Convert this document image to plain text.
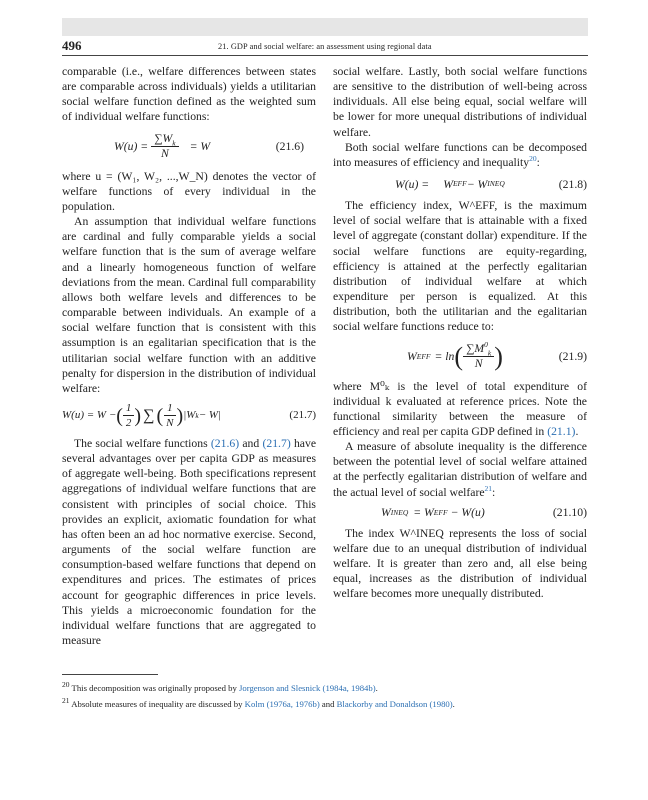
496	21. GDP and social welfare: an assessment using regional data

comparable (i.e., welfare differences between states are comparable across individuals) yields a utilitarian social welfare function defined as the weighted sum of individual welfare functions:

$W(u) = \frac{\sum W_k}{N} = W$	(21.6)

where u = (W₁, W₂, ...,W_N) denotes the vector of welfare functions of every individual in the population.

An assumption that individual welfare functions are cardinal and fully comparable yields a social welfare function that is the sum of average welfare and a linearly homogeneous function of welfare deviations from the mean. Cardinal full comparability allows both welfare levels and differences to be comparable between individuals. An example of a social welfare function that is consistent with this assumption is an egalitarian specification that is the utilitarian social welfare function with an additive penalty for dispersion in the distribution of individual welfare:

W(u) = W − ( $\frac{1}{2}$ ) ∑ ( $\frac{1}{N}$ ) |W k − W|	(21.7)

The social welfare functions (21.6) and (21.7) have several advantages over per capita GDP as measures of aggregate well-being. Both specifications represent aggregations of individual welfare functions that are consistent with principles of social choice. This provides an explicit, axiomatic foundation for what has often been an ad hoc normative exercise. Second, arguments of the social welfare function are consumption-based welfare functions that depend on expenditures and prices. The estimates of prices account for geographic differences in price levels. This yields a microeconomic foundation for the individual welfare functions that are aggregated to measure

social welfare. Lastly, both social welfare functions are sensitive to the distribution of well-being across individuals. All else being equal, social welfare will be lower for more unequal distributions of individual welfare.

Both social welfare functions can be decomposed into measures of efficiency and inequality$^{20}$:

W(u) = W EFF − W INEQ	(21.8)

The efficiency index, W^EFF, is the maximum level of social welfare that is attainable with a fixed level of aggregate (constant dollar) expenditure. If the social welfare functions are equity-regarding, efficiency is attained at the perfectly egalitarian distribution of individual welfare at which expenditure per person is equalized. At this distribution, both the utilitarian and the egalitarian social welfare functions reduce to:

W EFF = ln ( $\frac{\sum M^0_k}{N}$ )	(21.9)

where M⁰ₖ is the level of total expenditure of individual k evaluated at reference prices. Note the functional similarity between the measure of efficiency and real per capita GDP defined in (21.1).

A measure of absolute inequality is the difference between the potential level of social welfare attained at the perfectly egalitarian distribution of welfare and the actual level of social welfare$^{21}$:

W INEQ = W EFF − W(u)	(21.10)

The index W^INEQ represents the loss of social welfare due to an unequal distribution of individual welfare. It is greater than zero and, all else being equal, increases as the distribution of individual welfare becomes more unequally distributed.

$^{20}$ This decomposition was originally proposed by Jorgenson and Slesnick (1984a, 1984b).
$^{21}$ Absolute measures of inequality are discussed by Kolm (1976a, 1976b) and Blackorby and Donaldson (1980).
